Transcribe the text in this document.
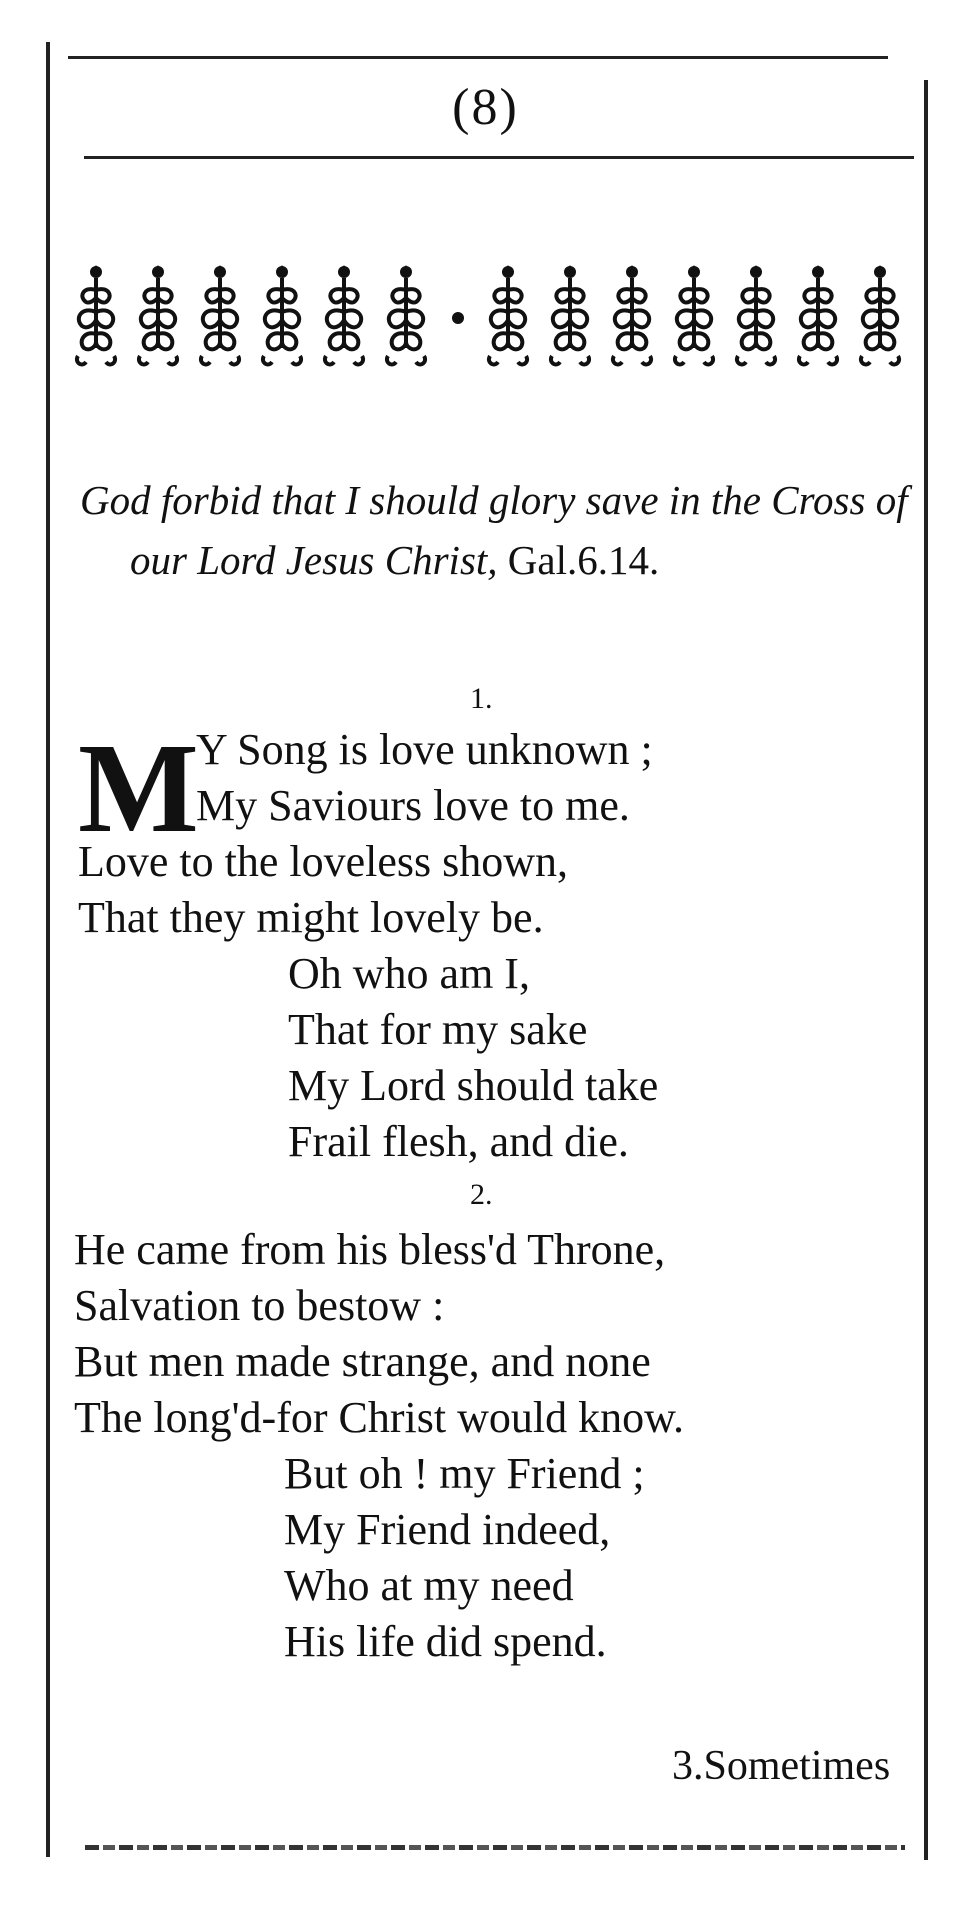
(8)
God forbid that I should glory save in the Cross of
our Lord Jesus Christ, Gal.6.14.
1.
M
Y Song is love unknown ;
My Saviours love to me.
Love to the loveless shown,
That they might lovely be.
Oh who am I,
That for my sake
My Lord should take
Frail flesh, and die.
2.
He came from his bless'd Throne,
Salvation to bestow :
But men made strange, and none
The long'd-for Christ would know.
But oh ! my Friend ;
My Friend indeed,
Who at my need
His life did spend.
3.Sometimes
